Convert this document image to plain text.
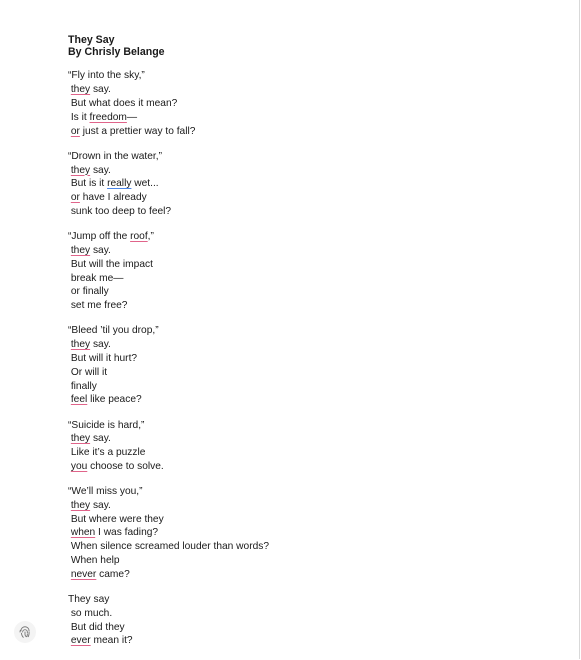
They Say
By Chrisly Belange
“Fly into the sky,”
they say.
But what does it mean?
Is it freedom—
or just a prettier way to fall?
“Drown in the water,”
they say.
But is it really wet...
or have I already
sunk too deep to feel?
“Jump off the roof,”
they say.
But will the impact
break me—
or finally
set me free?
“Bleed ’til you drop,”
they say.
But will it hurt?
Or will it
finally
feel like peace?
“Suicide is hard,”
they say.
Like it’s a puzzle
you choose to solve.
“We’ll miss you,”
they say.
But where were they
when I was fading?
When silence screamed louder than words?
When help
never came?
They say
so much.
But did they
ever mean it?
